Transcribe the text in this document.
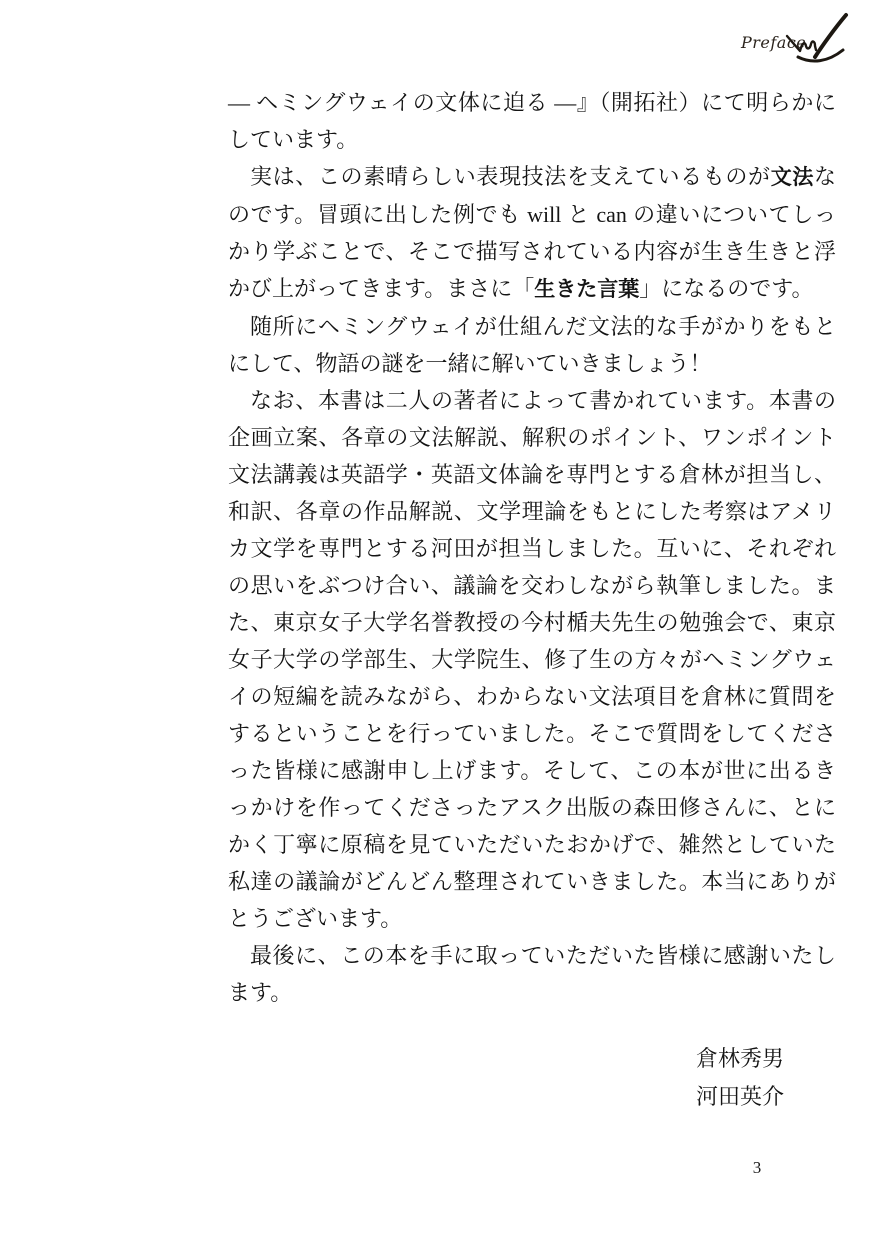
Preface

― ヘミングウェイの文体に迫る ―』（開拓社）にて明らかにしています。

実は、この素晴らしい表現技法を支えているものが文法なのです。冒頭に出した例でも will と can の違いについてしっかり学ぶことで、そこで描写されている内容が生き生きと浮かび上がってきます。まさに「生きた言葉」になるのです。

随所にヘミングウェイが仕組んだ文法的な手がかりをもとにして、物語の謎を一緒に解いていきましょう！

なお、本書は二人の著者によって書かれています。本書の企画立案、各章の文法解説、解釈のポイント、ワンポイント文法講義は英語学・英語文体論を専門とする倉林が担当し、和訳、各章の作品解説、文学理論をもとにした考察はアメリカ文学を専門とする河田が担当しました。互いに、それぞれの思いをぶつけ合い、議論を交わしながら執筆しました。また、東京女子大学名誉教授の今村楯夫先生の勉強会で、東京女子大学の学部生、大学院生、修了生の方々がヘミングウェイの短編を読みながら、わからない文法項目を倉林に質問をするということを行っていました。そこで質問をしてくださった皆様に感謝申し上げます。そして、この本が世に出るきっかけを作ってくださったアスク出版の森田修さんに、とにかく丁寧に原稿を見ていただいたおかげで、雑然としていた私達の議論がどんどん整理されていきました。本当にありがとうございます。

最後に、この本を手に取っていただいた皆様に感謝いたします。

倉林秀男
河田英介
3
